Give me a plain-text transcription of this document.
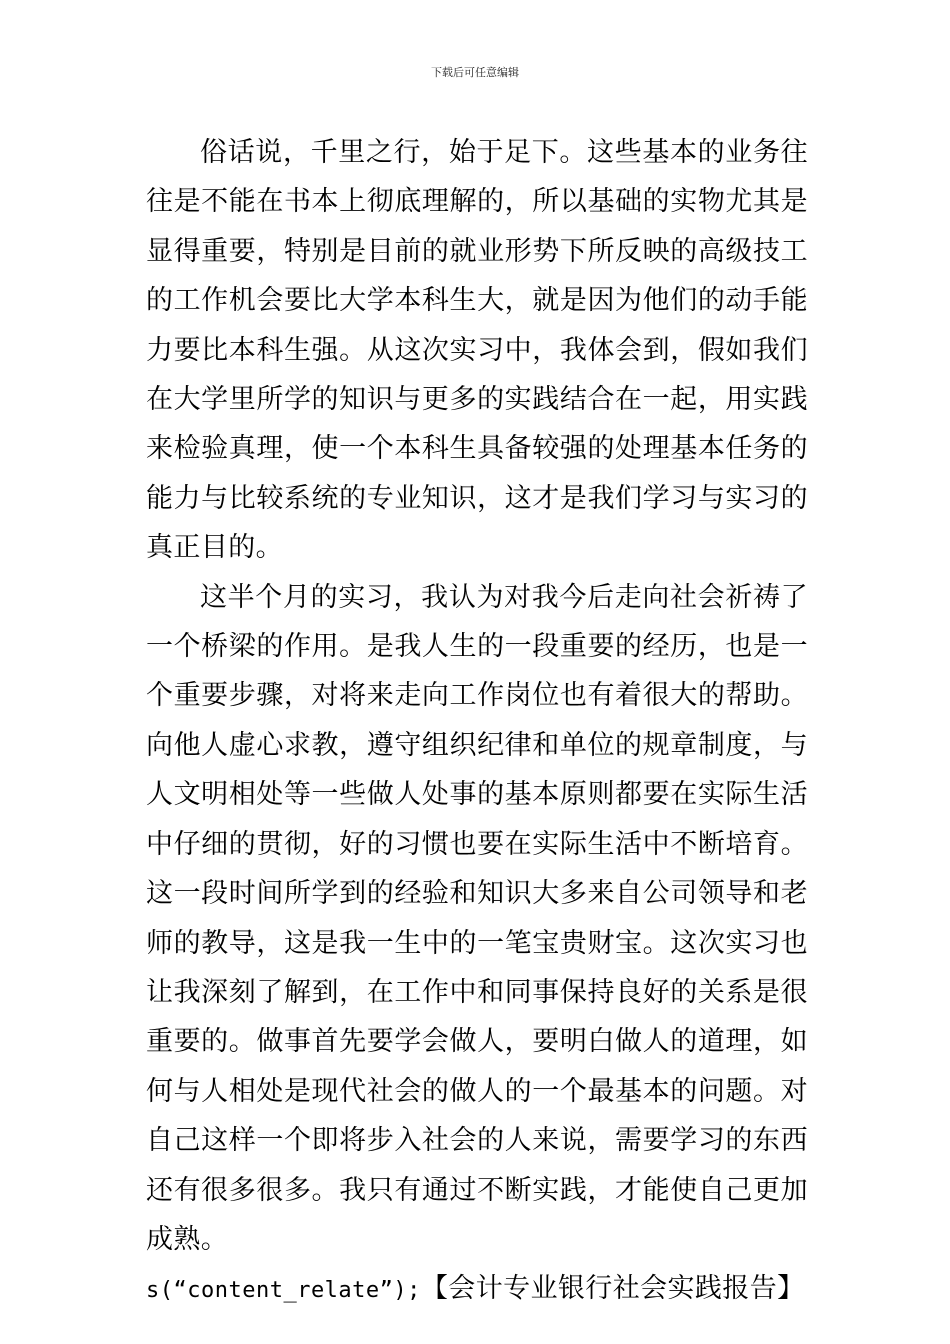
下载后可任意编辑

俗话说，千里之行，始于足下。这些基本的业务往往是不能在书本上彻底理解的，所以基础的实物尤其是显得重要，特别是目前的就业形势下所反映的高级技工的工作机会要比大学本科生大，就是因为他们的动手能力要比本科生强。从这次实习中，我体会到，假如我们在大学里所学的知识与更多的实践结合在一起，用实践来检验真理，使一个本科生具备较强的处理基本任务的能力与比较系统的专业知识，这才是我们学习与实习的真正目的。

这半个月的实习，我认为对我今后走向社会祈祷了一个桥梁的作用。是我人生的一段重要的经历，也是一个重要步骤，对将来走向工作岗位也有着很大的帮助。向他人虚心求教，遵守组织纪律和单位的规章制度，与人文明相处等一些做人处事的基本原则都要在实际生活中仔细的贯彻，好的习惯也要在实际生活中不断培育。这一段时间所学到的经验和知识大多来自公司领导和老师的教导，这是我一生中的一笔宝贵财宝。这次实习也让我深刻了解到，在工作中和同事保持良好的关系是很重要的。做事首先要学会做人，要明白做人的道理，如何与人相处是现代社会的做人的一个最基本的问题。对自己这样一个即将步入社会的人来说，需要学习的东西还有很多很多。我只有通过不断实践，才能使自己更加成熟。

s(“content_relate”);【会计专业银行社会实践报告】
